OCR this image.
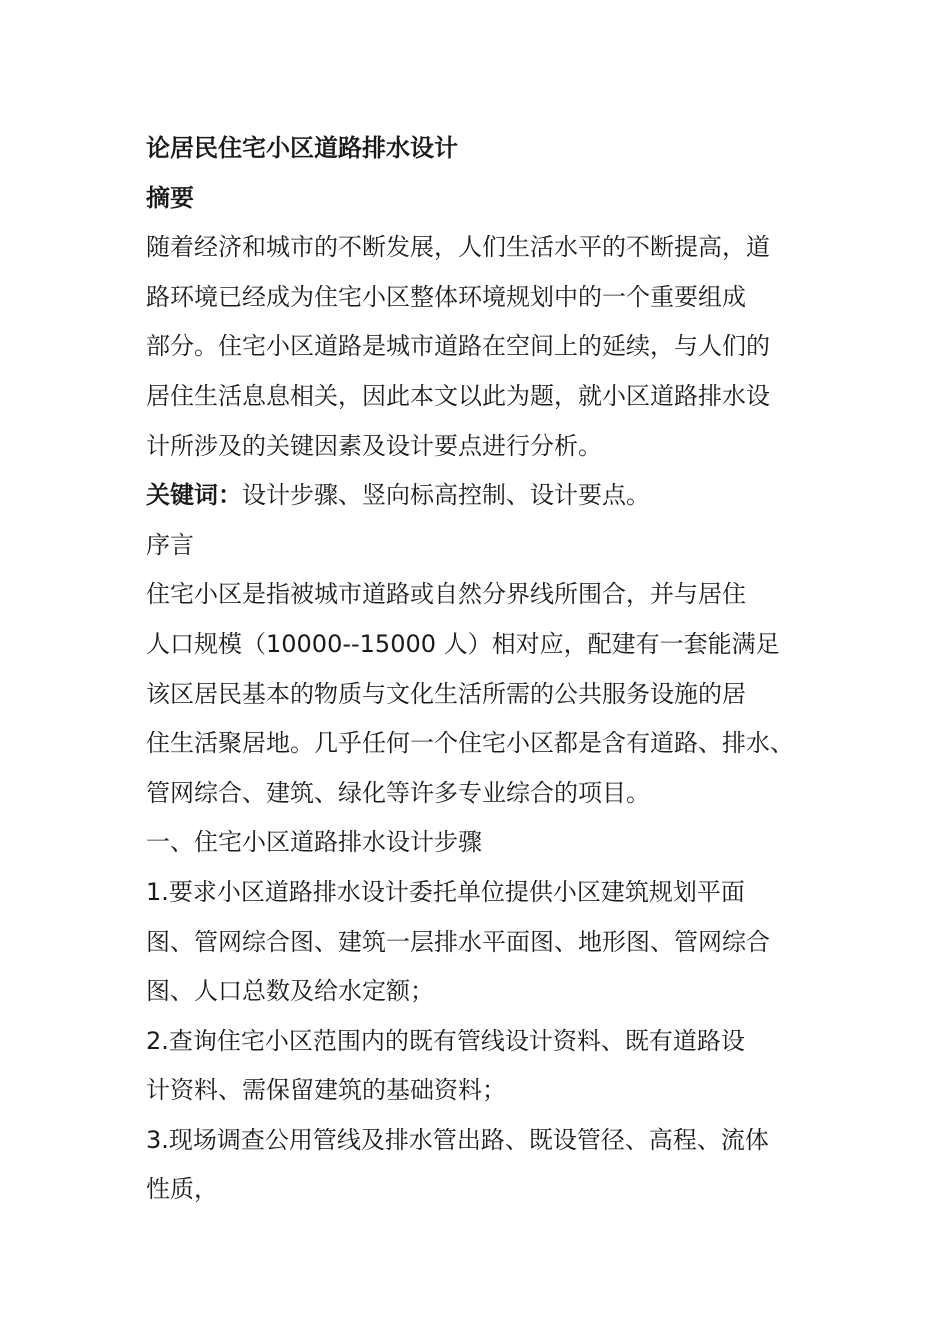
论居民住宅小区道路排水设计
摘要
随着经济和城市的不断发展，人们生活水平的不断提高，道
路环境已经成为住宅小区整体环境规划中的一个重要组成
部分。住宅小区道路是城市道路在空间上的延续，与人们的
居住生活息息相关，因此本文以此为题，就小区道路排水设
计所涉及的关键因素及设计要点进行分析。
关键词：设计步骤、竖向标高控制、设计要点。
序言
住宅小区是指被城市道路或自然分界线所围合，并与居住
人口规模（10000--15000 人）相对应，配建有一套能满足
该区居民基本的物质与文化生活所需的公共服务设施的居
住生活聚居地。几乎任何一个住宅小区都是含有道路、排水、
管网综合、建筑、绿化等许多专业综合的项目。
一、住宅小区道路排水设计步骤
1.要求小区道路排水设计委托单位提供小区建筑规划平面
图、管网综合图、建筑一层排水平面图、地形图、管网综合
图、人口总数及给水定额；
2.查询住宅小区范围内的既有管线设计资料、既有道路设
计资料、需保留建筑的基础资料；
3.现场调查公用管线及排水管出路、既设管径、高程、流体
性质，
